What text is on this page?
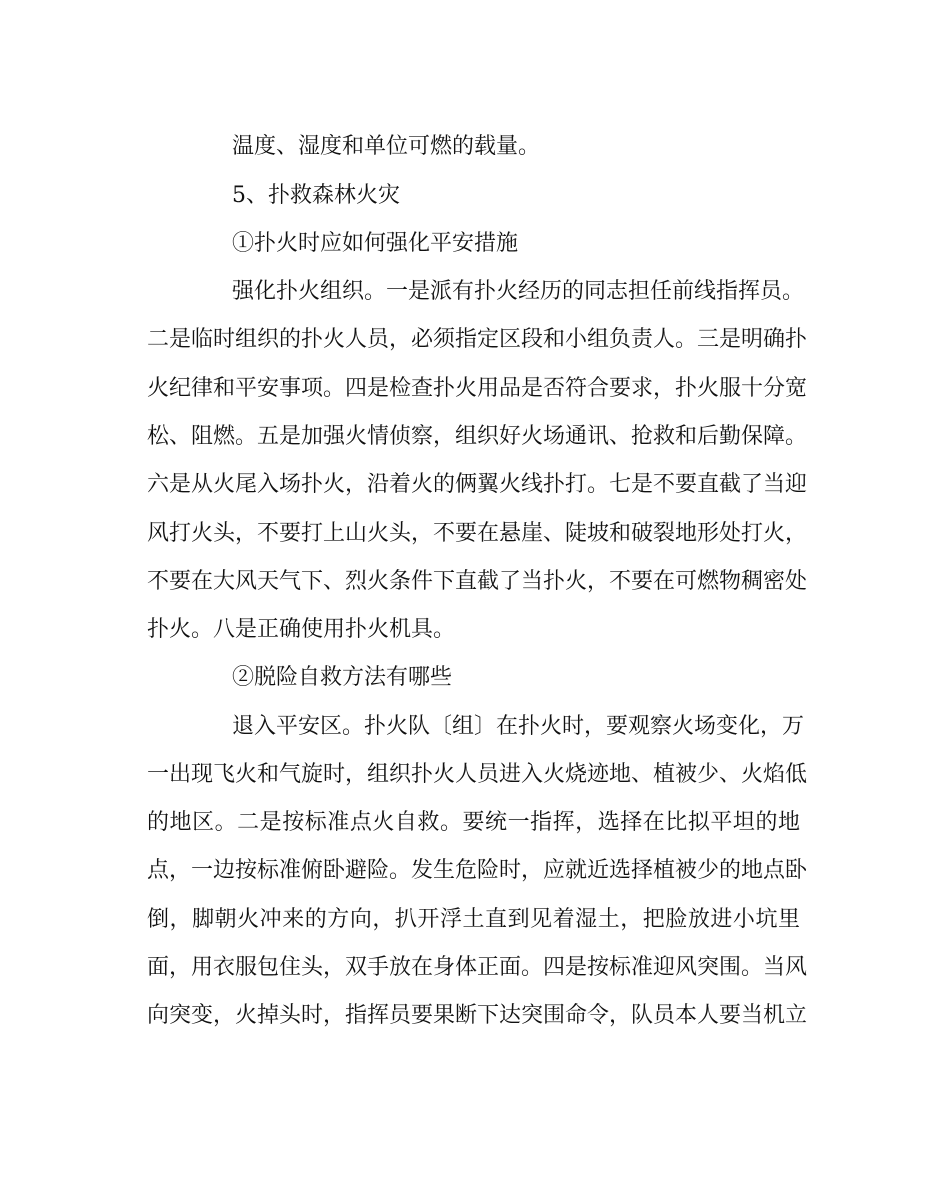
温度、湿度和单位可燃的载量。
5、扑救森林火灾
①扑火时应如何强化平安措施
强化扑火组织。一是派有扑火经历的同志担任前线指挥员。
二是临时组织的扑火人员，必须指定区段和小组负责人。三是明确扑
火纪律和平安事项。四是检查扑火用品是否符合要求，扑火服十分宽
松、阻燃。五是加强火情侦察，组织好火场通讯、抢救和后勤保障。
六是从火尾入场扑火，沿着火的俩翼火线扑打。七是不要直截了当迎
风打火头，不要打上山火头，不要在悬崖、陡坡和破裂地形处打火，
不要在大风天气下、烈火条件下直截了当扑火，不要在可燃物稠密处
扑火。八是正确使用扑火机具。
②脱险自救方法有哪些
退入平安区。扑火队〔组〕在扑火时，要观察火场变化，万
一出现飞火和气旋时，组织扑火人员进入火烧迹地、植被少、火焰低
的地区。二是按标准点火自救。要统一指挥，选择在比拟平坦的地
点，一边按标准俯卧避险。发生危险时，应就近选择植被少的地点卧
倒，脚朝火冲来的方向，扒开浮土直到见着湿土，把脸放进小坑里
面，用衣服包住头，双手放在身体正面。四是按标准迎风突围。当风
向突变，火掉头时，指挥员要果断下达突围命令，队员本人要当机立
